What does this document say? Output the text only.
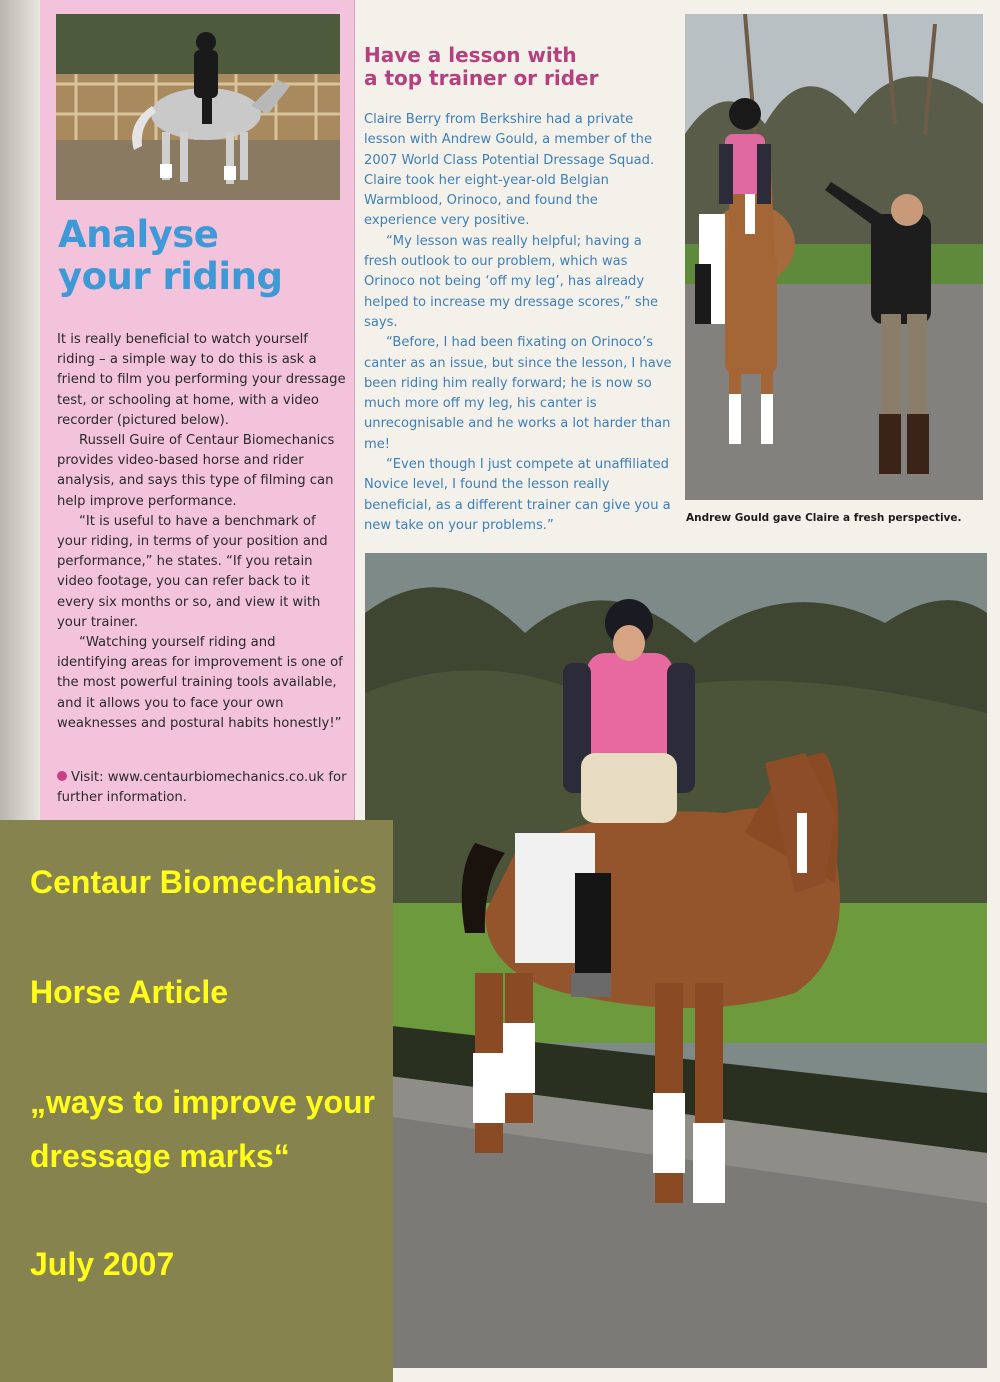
Analyse
your riding

It is really beneficial to watch yourself riding – a simple way to do this is ask a friend to film you performing your dressage test, or schooling at home, with a video recorder (pictured below).

Russell Guire of Centaur Biomechanics provides video-based horse and rider analysis, and says this type of filming can help improve performance.

“It is useful to have a benchmark of your riding, in terms of your position and performance,” he states. “If you retain video footage, you can refer back to it every six months or so, and view it with your trainer.

“Watching yourself riding and identifying areas for improvement is one of the most powerful training tools available, and it allows you to face your own weaknesses and postural habits honestly!”

Visit: www.centaurbiomechanics.co.uk for further information.
Have a lesson with
a top trainer or rider

Claire Berry from Berkshire had a private lesson with Andrew Gould, a member of the 2007 World Class Potential Dressage Squad. Claire took her eight-year-old Belgian Warmblood, Orinoco, and found the experience very positive.

“My lesson was really helpful; having a fresh outlook to our problem, which was Orinoco not being ‘off my leg’, has already helped to increase my dressage scores,” she says.

“Before, I had been fixating on Orinoco’s canter as an issue, but since the lesson, I have been riding him really forward; he is now so much more off my leg, his canter is unrecognisable and he works a lot harder than me!

“Even though I just compete at unaffiliated Novice level, I found the lesson really beneficial, as a different trainer can give you a new take on your problems.”	Andrew Gould gave Claire a fresh perspective.
Centaur Biomechanics
Horse Article
„ways to improve your
dressage marks“
July 2007
